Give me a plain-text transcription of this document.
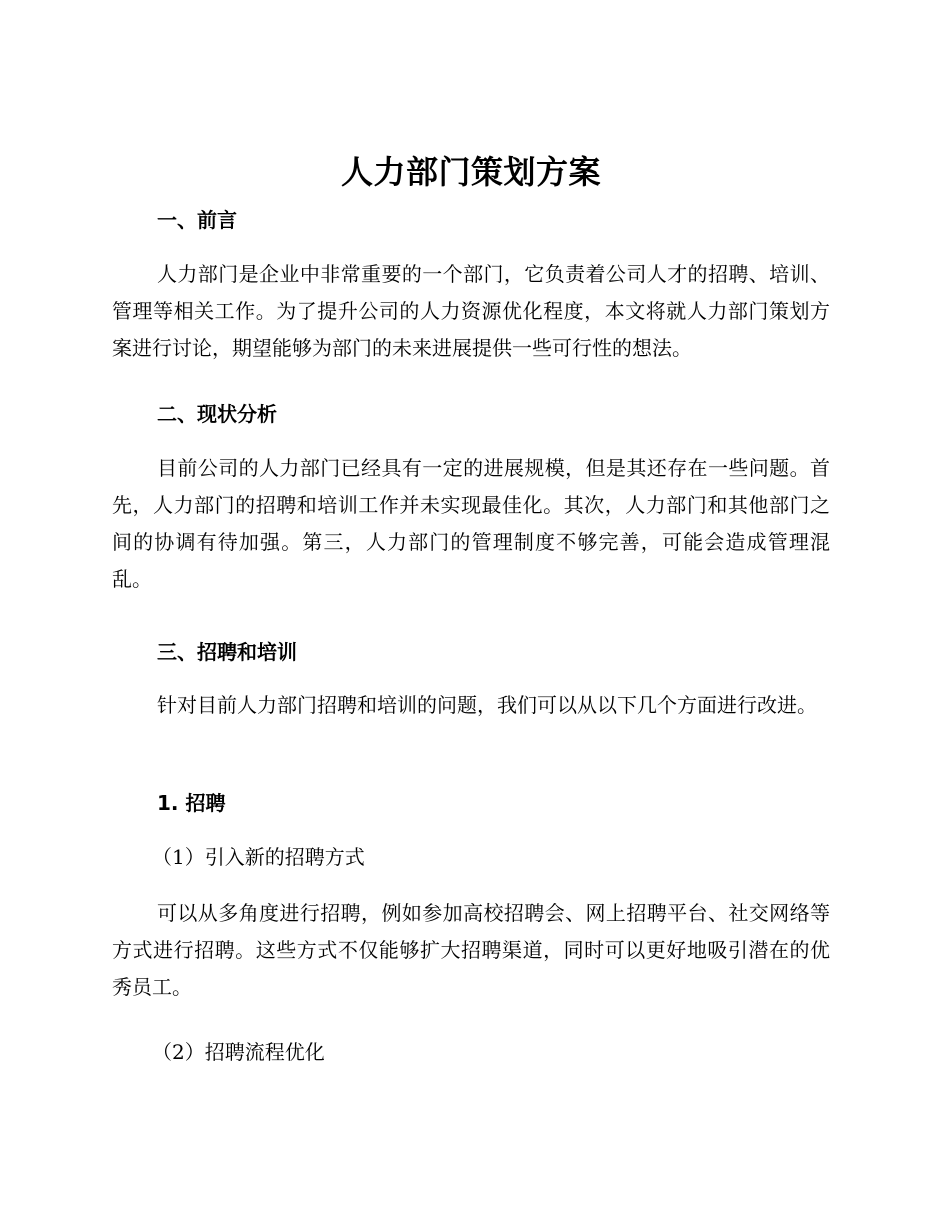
人力部门策划方案
一、前言

人力部门是企业中非常重要的一个部门，它负责着公司人才的招聘、培训、管理等相关工作。为了提升公司的人力资源优化程度，本文将就人力部门策划方案进行讨论，期望能够为部门的未来进展提供一些可行性的想法。

二、现状分析

目前公司的人力部门已经具有一定的进展规模，但是其还存在一些问题。首先，人力部门的招聘和培训工作并未实现最佳化。其次，人力部门和其他部门之间的协调有待加强。第三，人力部门的管理制度不够完善，可能会造成管理混乱。

三、招聘和培训

针对目前人力部门招聘和培训的问题，我们可以从以下几个方面进行改进。

1. 招聘
（1）引入新的招聘方式

可以从多角度进行招聘，例如参加高校招聘会、网上招聘平台、社交网络等方式进行招聘。这些方式不仅能够扩大招聘渠道，同时可以更好地吸引潜在的优秀员工。

（2）招聘流程优化
